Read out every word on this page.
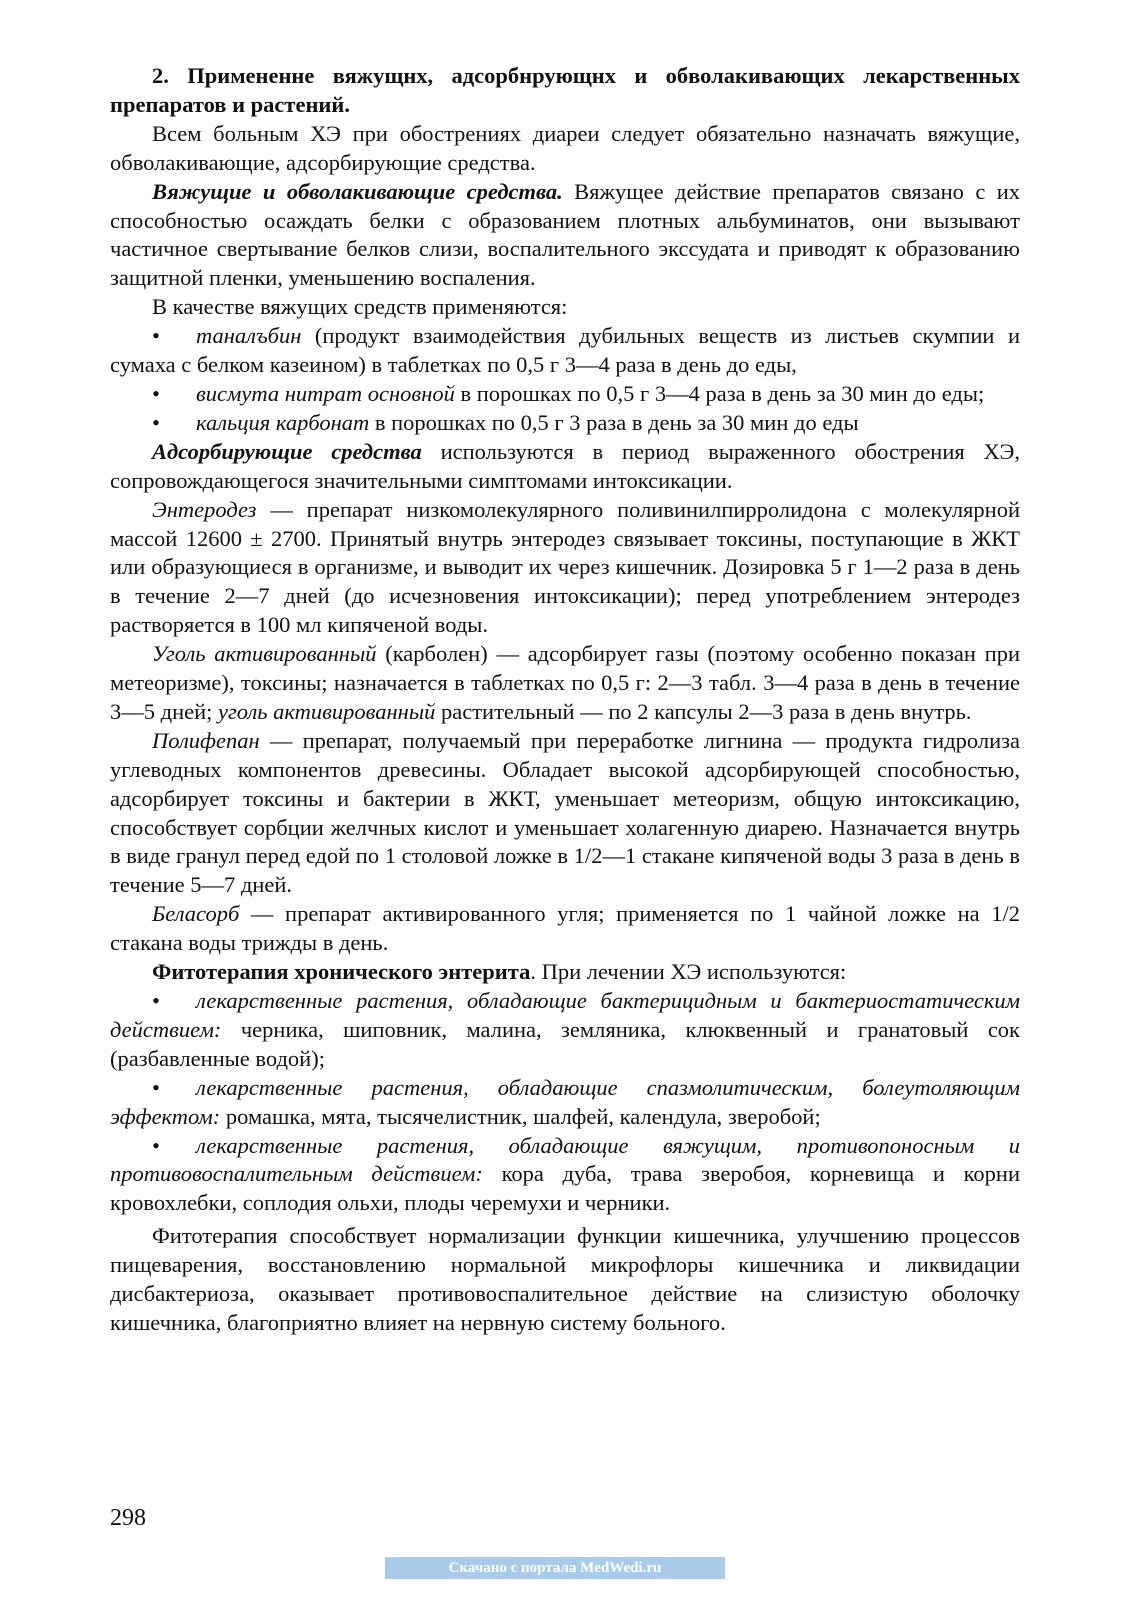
2. Примененне вяжущнх, адсорбнрующнх и обволакивающих лекарственных препаратов и растений.

Всем больным ХЭ при обострениях диареи следует обязательно назначать вяжущие, обволакивающие, адсорбирующие средства.

Вяжущие и обволакивающие средства. Вяжущее действие препаратов связано с их способностью осаждать белки с образованием плотных альбуминатов, они вызывают частичное свертывание белков слизи, воспалительного экссудата и приводят к образованию защитной пленки, уменьшению воспаления.

В качестве вяжущих средств применяются:

• таналъбин (продукт взаимодействия дубильных веществ из листьев скумпии и сумаха с белком казеином) в таблетках по 0,5 г 3—4 раза в день до еды,

• висмута нитрат основной в порошках по 0,5 г 3—4 раза в день за 30 мин до еды;

• кальция карбонат в порошках по 0,5 г 3 раза в день за 30 мин до еды

Адсорбирующие средства используются в период выраженного обострения ХЭ, сопровождающегося значительными симптомами интоксикации.

Энтеродез — препарат низкомолекулярного поливинилпирролидона с молекулярной массой 12600 ± 2700. Принятый внутрь энтеродез связывает токсины, поступающие в ЖКТ или образующиеся в организме, и выводит их через кишечник. Дозировка 5 г 1—2 раза в день в течение 2—7 дней (до исчезновения интоксикации); перед употреблением энтеродез растворяется в 100 мл кипяченой воды.

Уголь активированный (карболен) — адсорбирует газы (поэтому особенно показан при метеоризме), токсины; назначается в таблетках по 0,5 г: 2—3 табл. 3—4 раза в день в течение 3—5 дней; уголь активированный растительный — по 2 капсулы 2—3 раза в день внутрь.

Полифепан — препарат, получаемый при переработке лигнина — продукта гидролиза углеводных компонентов древесины. Обладает высокой адсорбирующей способностью, адсорбирует токсины и бактерии в ЖКТ, уменьшает метеоризм, общую интоксикацию, способствует сорбции желчных кислот и уменьшает холагенную диарею. Назначается внутрь в виде гранул перед едой по 1 столовой ложке в 1/2—1 стакане кипяченой воды 3 раза в день в течение 5—7 дней.

Беласорб — препарат активированного угля; применяется по 1 чайной ложке на 1/2 стакана воды трижды в день.

Фитотерапия хронического энтерита. При лечении ХЭ используются:

• лекарственные растения, обладающие бактерицидным и бактериостатическим действием: черника, шиповник, малина, земляника, клюквенный и гранатовый сок (разбавленные водой);

• лекарственные растения, обладающие спазмолитическим, болеутоляющим эффектом: ромашка, мята, тысячелистник, шалфей, календула, зверобой;

• лекарственные растения, обладающие вяжущим, противопоносным и противовоспалительным действием: кора дуба, трава зверобоя, корневища и корни кровохлебки, соплодия ольхи, плоды черемухи и черники.

Фитотерапия способствует нормализации функции кишечника, улучшению процессов пищеварения, восстановлению нормальной микрофлоры кишечника и ликвидации дисбактериоза, оказывает противовоспалительное действие на слизистую оболочку кишечника, благоприятно влияет на нервную систему больного.

298
Скачано с портала MedWedi.ru
